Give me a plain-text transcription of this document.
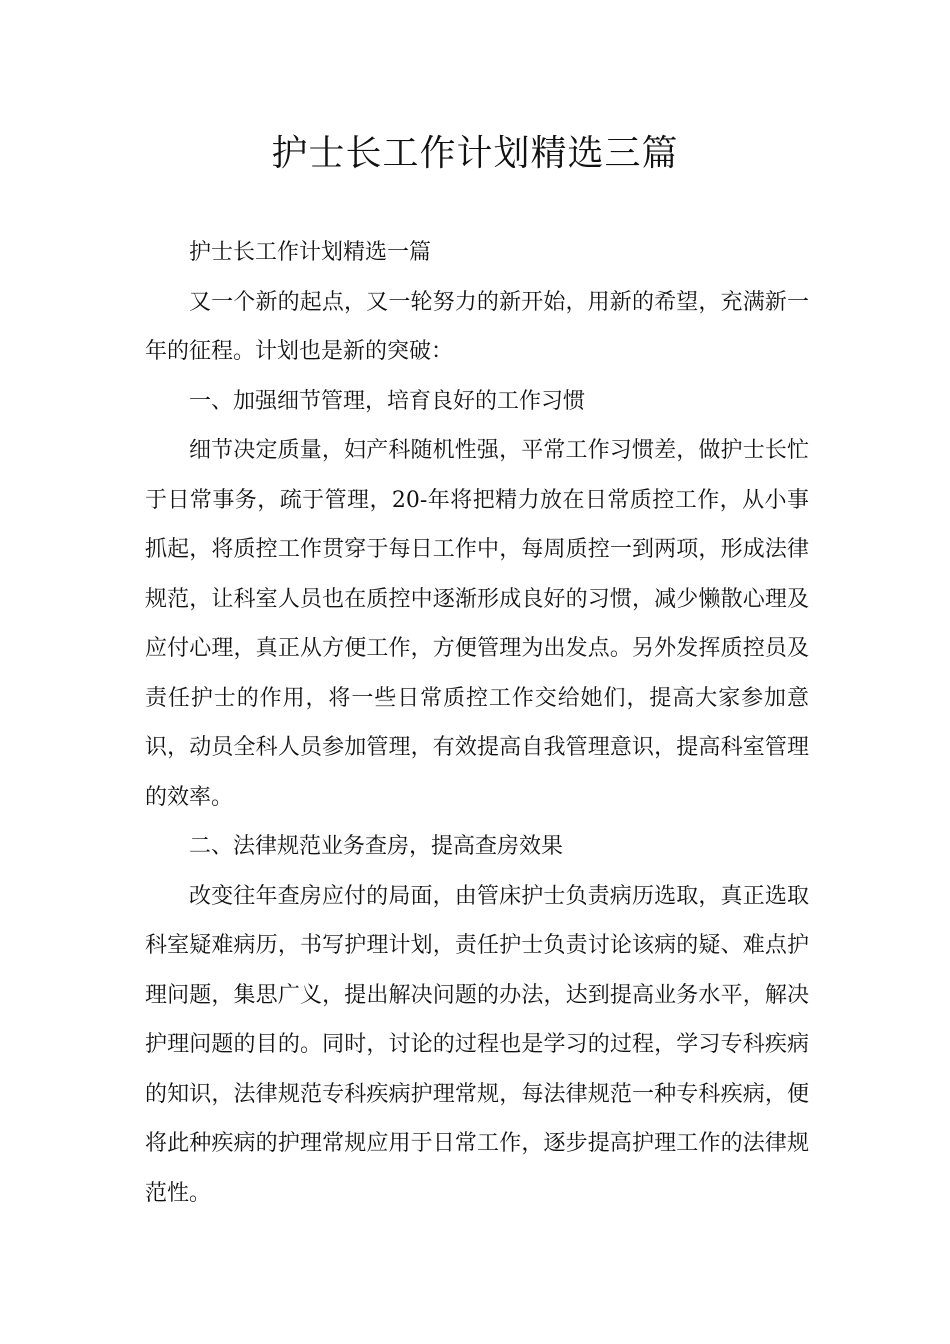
护士长工作计划精选三篇

护士长工作计划精选一篇

又一个新的起点，又一轮努力的新开始，用新的希望，充满新一年的征程。计划也是新的突破：

一、加强细节管理，培育良好的工作习惯

细节决定质量，妇产科随机性强，平常工作习惯差，做护士长忙于日常事务，疏于管理，20-年将把精力放在日常质控工作，从小事抓起，将质控工作贯穿于每日工作中，每周质控一到两项，形成法律规范，让科室人员也在质控中逐渐形成良好的习惯，减少懒散心理及应付心理，真正从方便工作，方便管理为出发点。另外发挥质控员及责任护士的作用，将一些日常质控工作交给她们，提高大家参加意识，动员全科人员参加管理，有效提高自我管理意识，提高科室管理的效率。

二、法律规范业务查房，提高查房效果

改变往年查房应付的局面，由管床护士负责病历选取，真正选取科室疑难病历，书写护理计划，责任护士负责讨论该病的疑、难点护理问题，集思广义，提出解决问题的办法，达到提高业务水平，解决护理问题的目的。同时，讨论的过程也是学习的过程，学习专科疾病的知识，法律规范专科疾病护理常规，每法律规范一种专科疾病，便将此种疾病的护理常规应用于日常工作，逐步提高护理工作的法律规范性。
